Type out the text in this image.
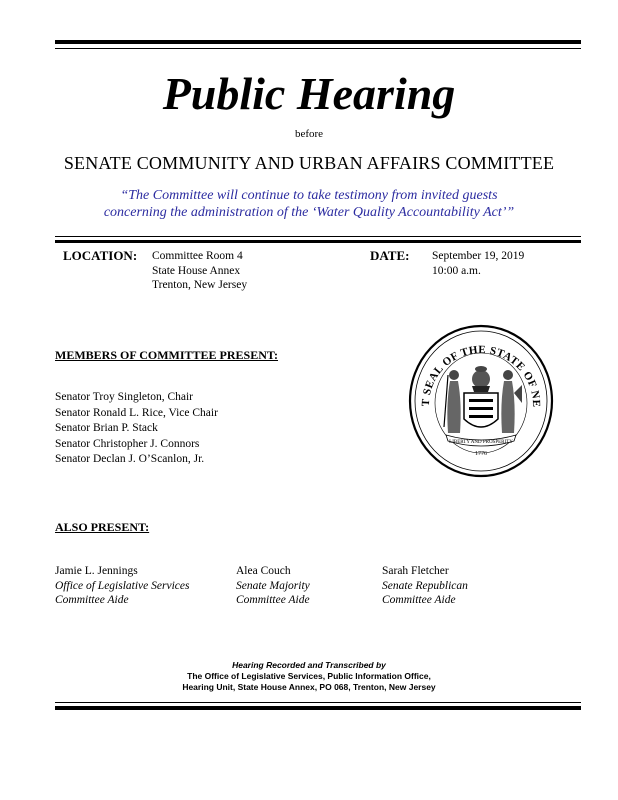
Public Hearing
before
SENATE COMMUNITY AND URBAN AFFAIRS COMMITTEE
“The Committee will continue to take testimony from invited guests
concerning the administration of the ‘Water Quality Accountability Act’”
LOCATION: Committee Room 4
State House Annex
Trenton, New Jersey
DATE: September 19, 2019
10:00 a.m.
MEMBERS OF COMMITTEE PRESENT:
Senator Troy Singleton, Chair
Senator Ronald L. Rice, Vice Chair
Senator Brian P. Stack
Senator Christopher J. Connors
Senator Declan J. O’Scanlon, Jr.
LIBERTY AND PROSPERITY
1776
T SEAL OF THE STATE OF NE
ALSO PRESENT:
Jamie L. Jennings
Office of Legislative Services
Committee Aide
Alea Couch
Senate Majority
Committee Aide
Sarah Fletcher
Senate Republican
Committee Aide
Hearing Recorded and Transcribed by
The Office of Legislative Services, Public Information Office,
Hearing Unit, State House Annex, PO 068, Trenton, New Jersey
